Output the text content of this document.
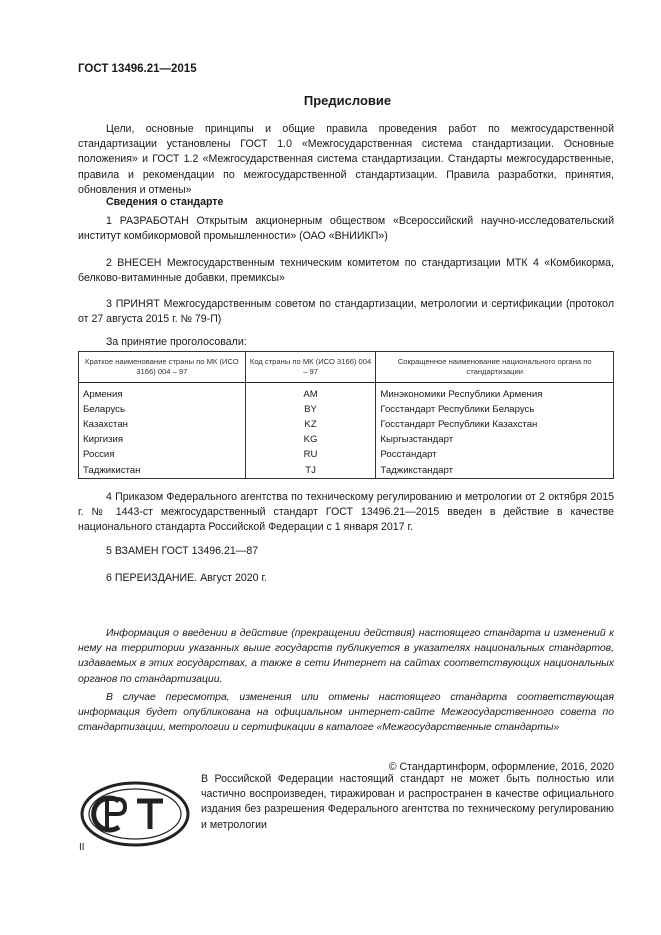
ГОСТ 13496.21—2015
Предисловие

Цели, основные принципы и общие правила проведения работ по межгосударственной стандартизации установлены ГОСТ 1.0 «Межгосударственная система стандартизации. Основные положения» и ГОСТ 1.2 «Межгосударственная система стандартизации. Стандарты межгосударственные, правила и рекомендации по межгосударственной стандартизации. Правила разработки, принятия, обновления и отмены»

Сведения о стандарте

1 РАЗРАБОТАН Открытым акционерным обществом «Всероссийский научно-исследовательский институт комбикормовой промышленности» (ОАО «ВНИИКП»)

2 ВНЕСЕН Межгосударственным техническим комитетом по стандартизации МТК 4 «Комбикорма, белково-витаминные добавки, премиксы»

3 ПРИНЯТ Межгосударственным советом по стандартизации, метрологии и сертификации (протокол от 27 августа 2015 г. № 79-П)

За принятие проголосовали:
Краткое наименование страны по МК (ИСО 3166) 004 – 97	Код страны по МК (ИСО 3166) 004 – 97	Сокращенное наименование национального органа по стандартизации

Армения	AM	Минэкономики Республики Армения
Беларусь	BY	Госстандарт Республики Беларусь
Казахстан	KZ	Госстандарт Республики Казахстан
Киргизия	KG	Кыргызстандарт
Россия	RU	Росстандарт
Таджикистан	TJ	Таджикстандарт

4 Приказом Федерального агентства по техническому регулированию и метрологии от 2 октября 2015 г. № 1443-ст межгосударственный стандарт ГОСТ 13496.21—2015 введен в действие в качестве национального стандарта Российской Федерации с 1 января 2017 г.

5 ВЗАМЕН ГОСТ 13496.21—87
6 ПЕРЕИЗДАНИЕ. Август 2020 г.

Информация о введении в действие (прекращении действия) настоящего стандарта и изменений к нему на территории указанных выше государств публикуется в указателях национальных стандартов, издаваемых в этих государствах, а также в сети Интернет на сайтах соответствующих национальных органов по стандартизации.

В случае пересмотра, изменения или отмены настоящего стандарта соответствующая информация будет опубликована на официальном интернет-сайте Межгосударственного совета по стандартизации, метрологии и сертификации в каталоге «Межгосударственные стандарты»

© Стандартинформ, оформление, 2016, 2020
РСТ

В Российской Федерации настоящий стандарт не может быть полностью или частично воспроизведен, тиражирован и распространен в качестве официального издания без разрешения Федерального агентства по техническому регулированию и метрологии

II
